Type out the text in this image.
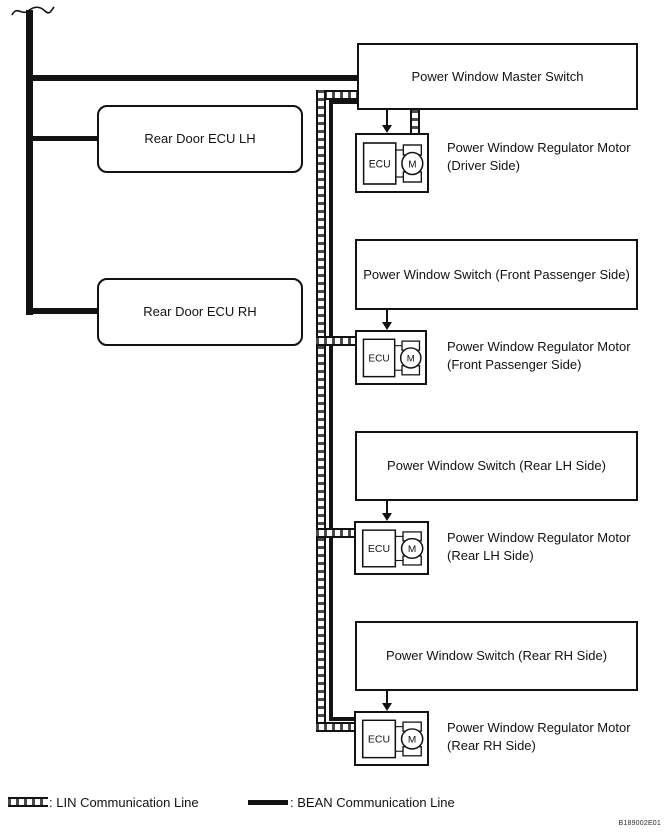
Power Window Master Switch
Rear Door ECU LH
Rear Door ECU RH
Power Window Switch (Front Passenger Side)
Power Window Switch (Rear LH Side)
Power Window Switch (Rear RH Side)
ECU M
ECU M
ECU M
ECU M
Power Window Regulator Motor
(Driver Side)
Power Window Regulator Motor
(Front Passenger Side)
Power Window Regulator Motor
(Rear LH Side)
Power Window Regulator Motor
(Rear RH Side)
: LIN Communication Line	: BEAN Communication Line
B189002E01
